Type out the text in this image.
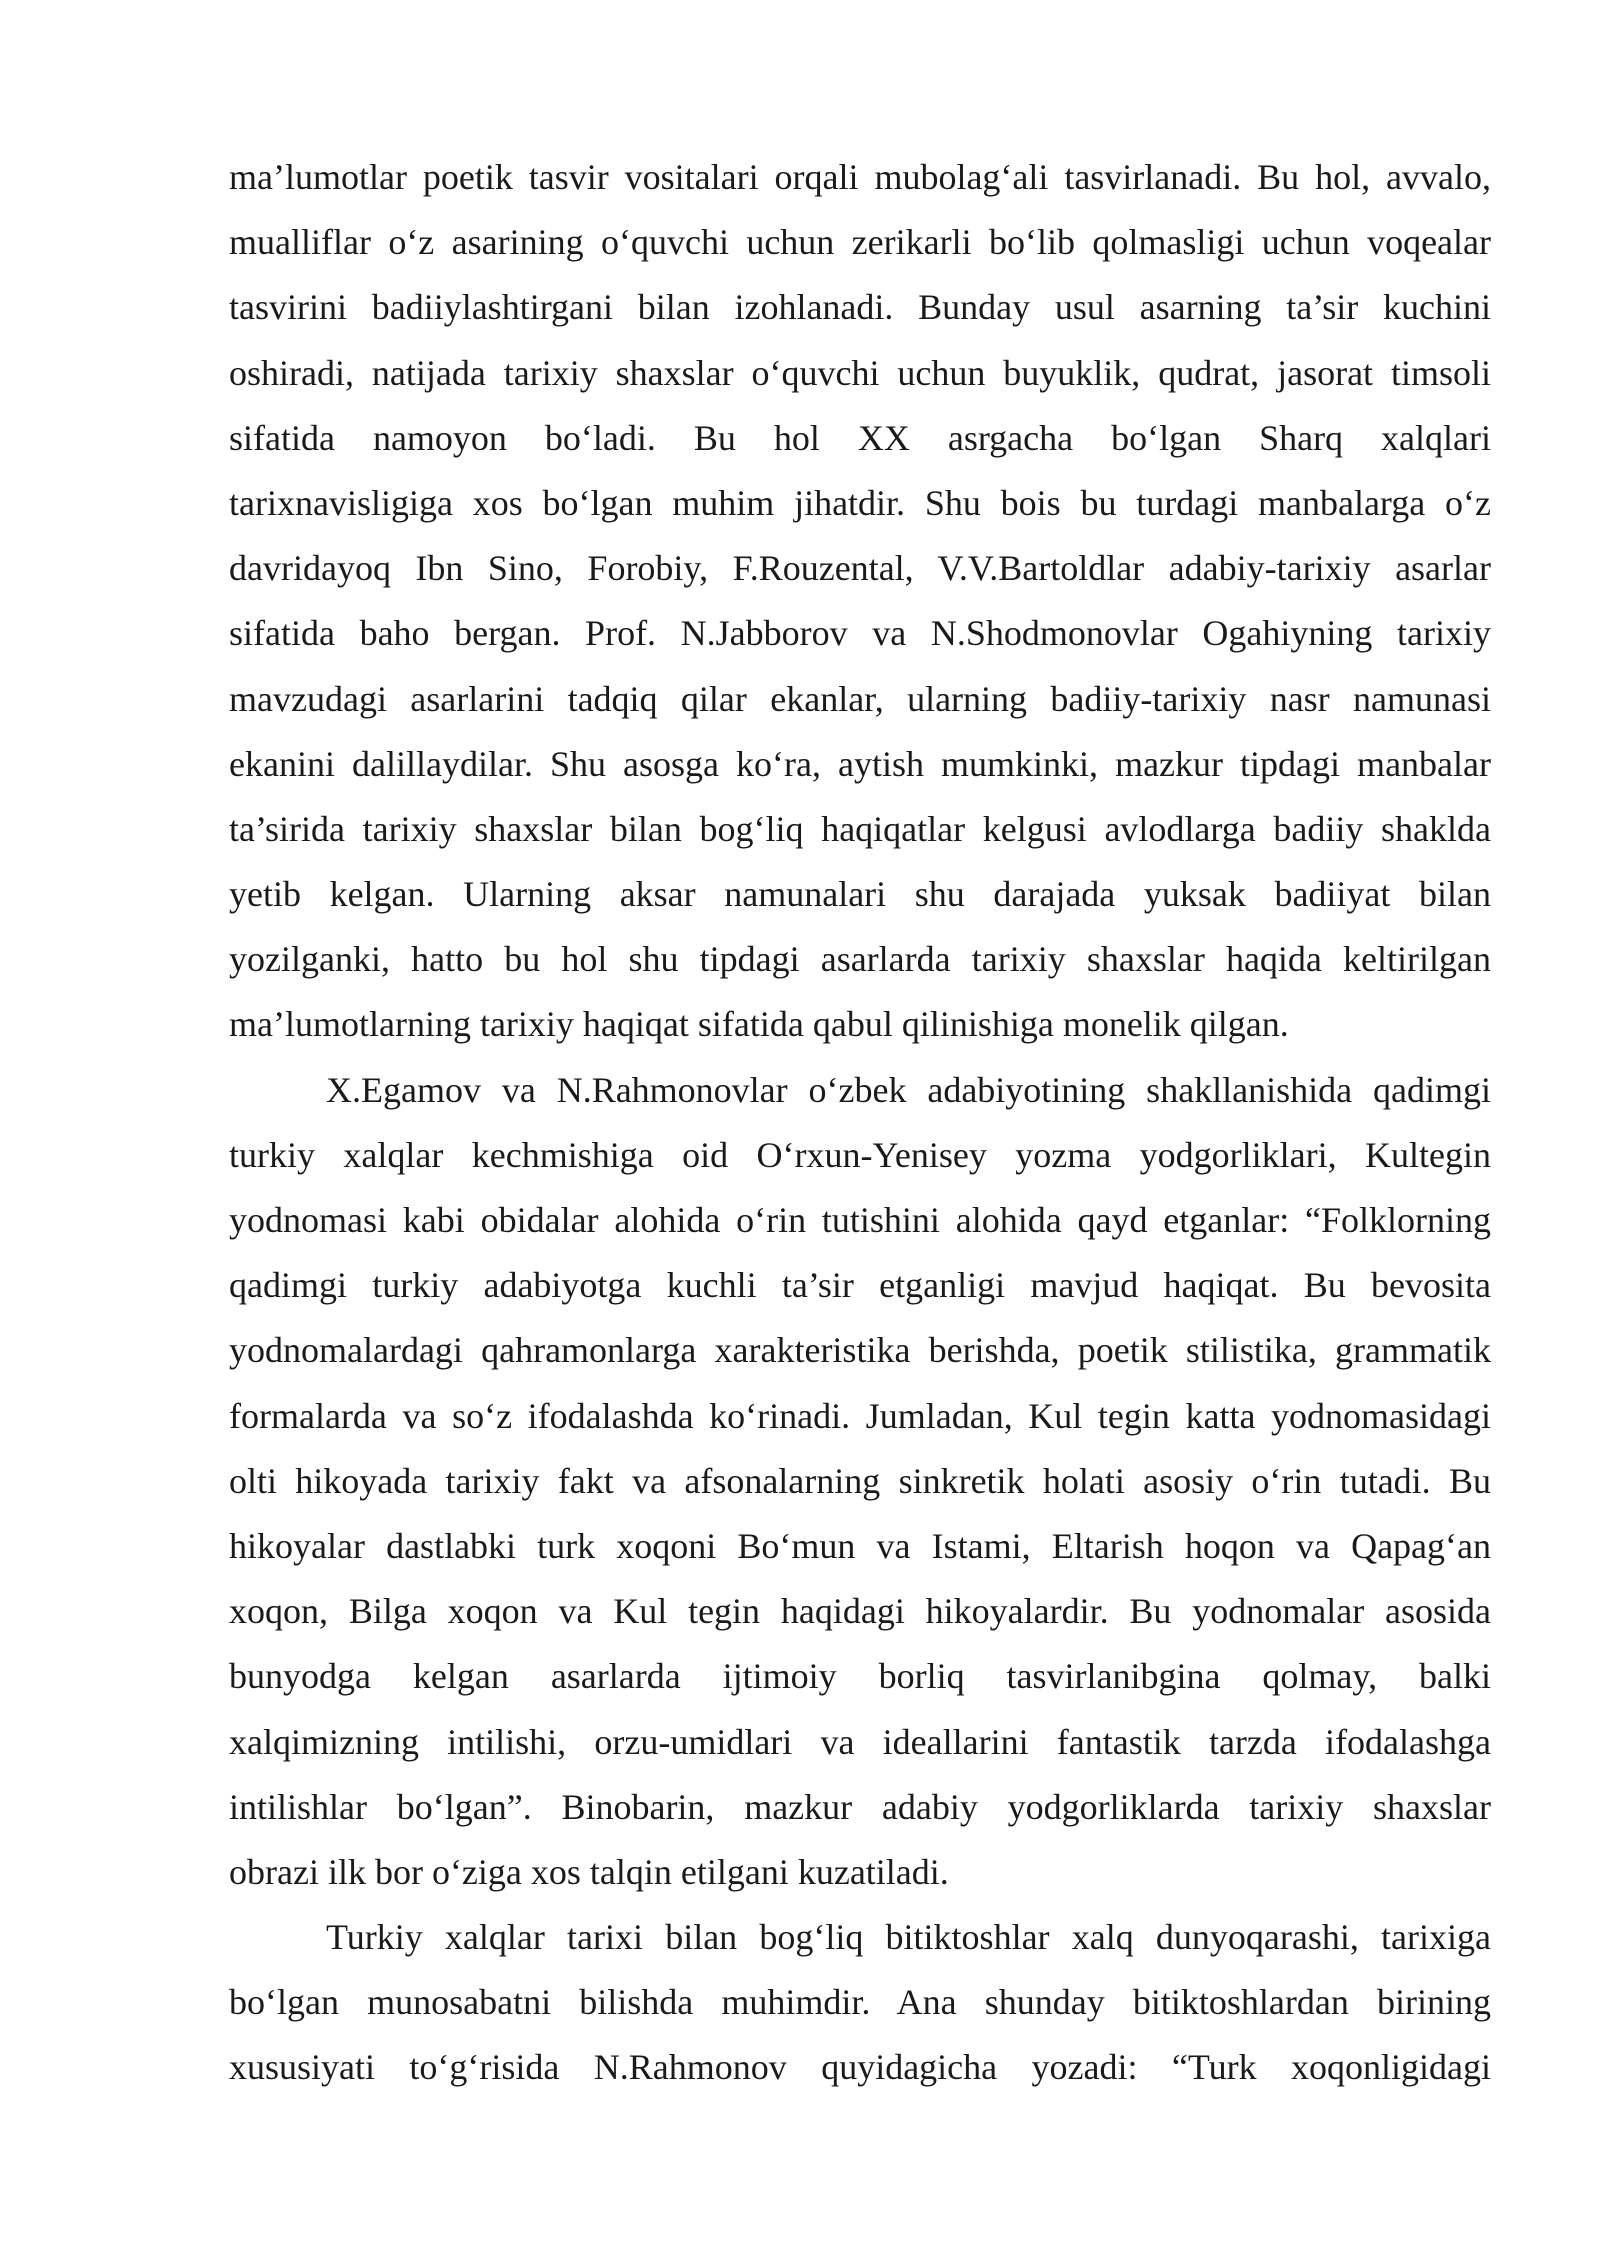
ma’lumotlar poetik tasvir vositalari orqali mubolag‘ali tasvirlanadi. Bu hol, avvalo,
mualliflar o‘z asarining o‘quvchi uchun zerikarli bo‘lib qolmasligi uchun voqealar
tasvirini badiiylashtirgani bilan izohlanadi. Bunday usul asarning ta’sir kuchini
oshiradi, natijada tarixiy shaxslar o‘quvchi uchun buyuklik, qudrat, jasorat timsoli
sifatida namoyon bo‘ladi. Bu hol XX asrgacha bo‘lgan Sharq xalqlari
tarixnavisligiga xos bo‘lgan muhim jihatdir. Shu bois bu turdagi manbalarga o‘z
davridayoq Ibn Sino, Forobiy, F.Rouzental, V.V.Bartoldlar adabiy-tarixiy asarlar
sifatida baho bergan. Prof. N.Jabborov va N.Shodmonovlar Ogahiyning tarixiy
mavzudagi asarlarini tadqiq qilar ekanlar, ularning badiiy-tarixiy nasr namunasi
ekanini dalillaydilar. Shu asosga ko‘ra, aytish mumkinki, mazkur tipdagi manbalar
ta’sirida tarixiy shaxslar bilan bog‘liq haqiqatlar kelgusi avlodlarga badiiy shaklda
yetib kelgan. Ularning aksar namunalari shu darajada yuksak badiiyat bilan
yozilganki, hatto bu hol shu tipdagi asarlarda tarixiy shaxslar haqida keltirilgan
ma’lumotlarning tarixiy haqiqat sifatida qabul qilinishiga monelik qilgan.
X.Egamov va N.Rahmonovlar o‘zbek adabiyotining shakllanishida qadimgi
turkiy xalqlar kechmishiga oid O‘rxun-Yenisey yozma yodgorliklari, Kultegin
yodnomasi kabi obidalar alohida o‘rin tutishini alohida qayd etganlar: “Folklorning
qadimgi turkiy adabiyotga kuchli ta’sir etganligi mavjud haqiqat. Bu bevosita
yodnomalardagi qahramonlarga xarakteristika berishda, poetik stilistika, grammatik
formalarda va so‘z ifodalashda ko‘rinadi. Jumladan, Kul tegin katta yodnomasidagi
olti hikoyada tarixiy fakt va afsonalarning sinkretik holati asosiy o‘rin tutadi. Bu
hikoyalar dastlabki turk xoqoni Bo‘mun va Istami, Eltarish hoqon va Qapag‘an
xoqon, Bilga xoqon va Kul tegin haqidagi hikoyalardir. Bu yodnomalar asosida
bunyodga kelgan asarlarda ijtimoiy borliq tasvirlanibgina qolmay, balki
xalqimizning intilishi, orzu-umidlari va ideallarini fantastik tarzda ifodalashga
intilishlar bo‘lgan”. Binobarin, mazkur adabiy yodgorliklarda tarixiy shaxslar
obrazi ilk bor o‘ziga xos talqin etilgani kuzatiladi.
Turkiy xalqlar tarixi bilan bog‘liq bitiktoshlar xalq dunyoqarashi, tarixiga
bo‘lgan munosabatni bilishda muhimdir. Ana shunday bitiktoshlardan birining
xususiyati to‘g‘risida N.Rahmonov quyidagicha yozadi: “Turk xoqonligidagi
